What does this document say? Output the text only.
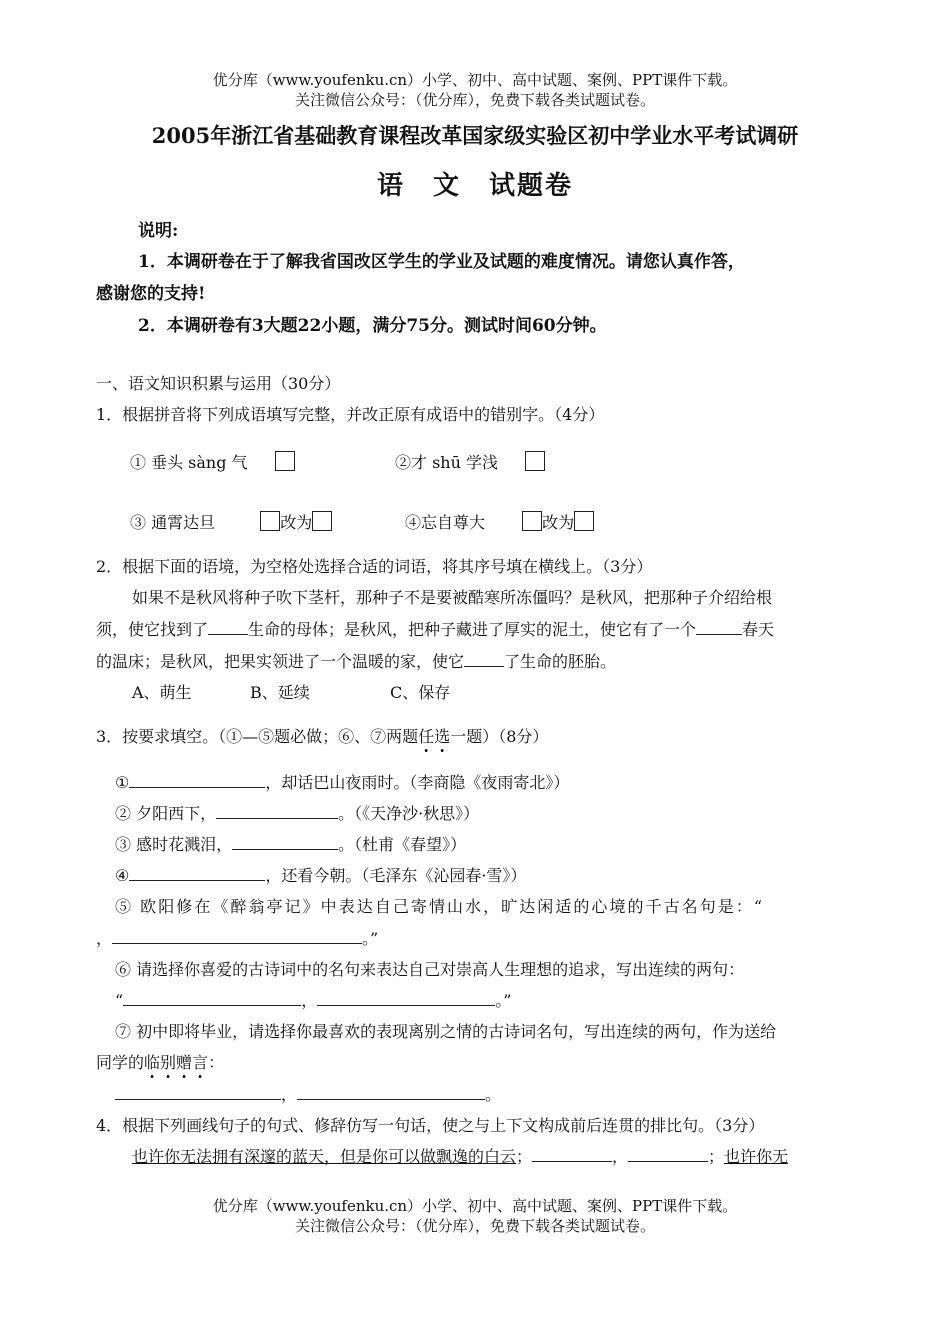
优分库（www.youfenku.cn）小学、初中、高中试题、案例、PPT课件下载。
关注微信公众号：（优分库），免费下载各类试题试卷。
2005年浙江省基础教育课程改革国家级实验区初中学业水平考试调研
语　文　试题卷
说明:
1．本调研卷在于了解我省国改区学生的学业及试题的难度情况。请您认真作答，
感谢您的支持!
2．本调研卷有3大题22小题，满分75分。测试时间60分钟。
一、语文知识积累与运用（30分）
1．根据拼音将下列成语填写完整，并改正原有成语中的错别字。（4分）
① 垂头 sàng 气	②才 shū 学浅
③ 通霄达旦	改为	④忘自尊大	改为
2．根据下面的语境，为空格处选择合适的词语，将其序号填在横线上。（3分）
如果不是秋风将种子吹下茎杆，那种子不是要被酷寒所冻僵吗？是秋风，把那种子介绍给根
须，使它找到了	生命的母体；是秋风，把种子藏进了厚实的泥土，使它有了一个	春天
的温床；是秋风，把果实领进了一个温暖的家，使它	了生命的胚胎。
A、萌生	B、延续	C、保存
3．按要求填空。（①—⑤题必做；⑥、⑦两题任选一题）（8分）
①	，却话巴山夜雨时。（李商隐《夜雨寄北》）
② 夕阳西下，	。（《天净沙·秋思》）
③ 感时花溅泪，	。（杜甫《春望》）
④	，还看今朝。（毛泽东《沁园春·雪》）
⑤ 欧阳修在《醉翁亭记》中表达自己寄情山水，旷达闲适的心境的千古名句是：“
，	。”
⑥ 请选择你喜爱的古诗词中的名句来表达自己对崇高人生理想的追求，写出连续的两句：
“	，	。”
⑦ 初中即将毕业，请选择你最喜欢的表现离别之情的古诗词名句，写出连续的两句，作为送给
同学的临别赠言：
，	。
4．根据下列画线句子的句式、修辞仿写一句话，使之与上下文构成前后连贯的排比句。（3分）
也许你无法拥有深邃的蓝天，但是你可以做飘逸的白云；	，	；也许你无
优分库（www.youfenku.cn）小学、初中、高中试题、案例、PPT课件下载。
关注微信公众号：（优分库），免费下载各类试题试卷。
